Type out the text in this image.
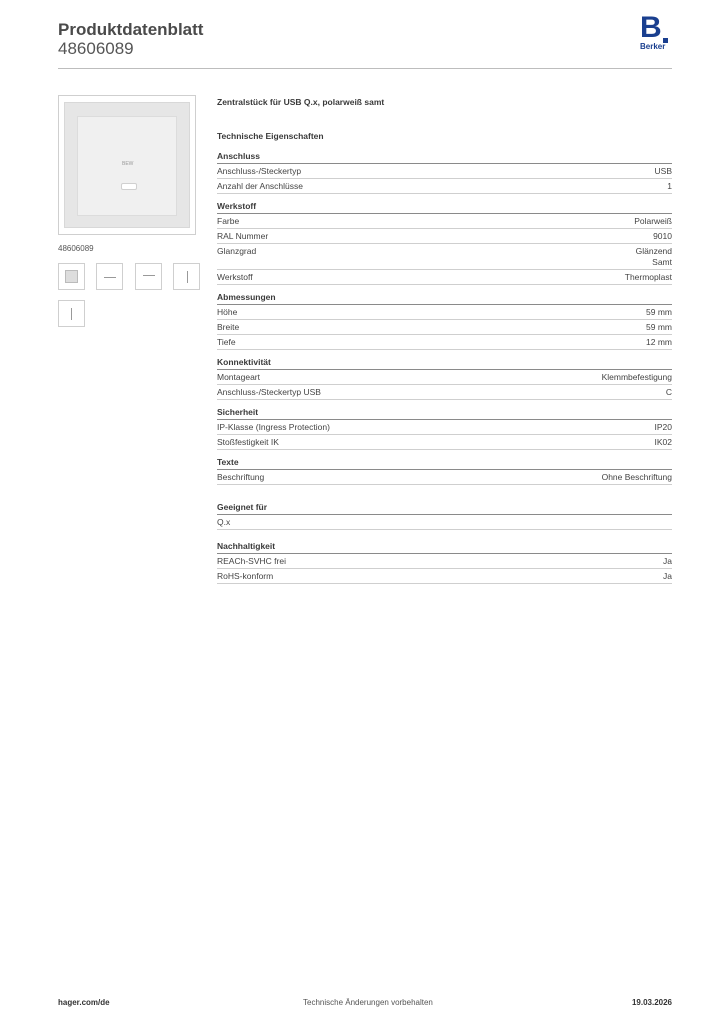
Produktdatenblatt
48606089
B
Berker
BEW
48606089
Zentralstück für USB Q.x, polarweiß samt
Technische Eigenschaften
Anschluss
Anschluss-/Steckertyp	USB
Anzahl der Anschlüsse	1
Werkstoff
Farbe	Polarweiß
RAL Nummer	9010
Glanzgrad	Glänzend
Samt
Werkstoff	Thermoplast
Abmessungen
Höhe	59 mm
Breite	59 mm
Tiefe	12 mm
Konnektivität
Montageart	Klemmbefestigung
Anschluss-/Steckertyp USB	C
Sicherheit
IP-Klasse (Ingress Protection)	IP20
Stoßfestigkeit IK	IK02
Texte
Beschriftung	Ohne Beschriftung
Geeignet für
Q.x
Nachhaltigkeit
REACh-SVHC frei	Ja
RoHS-konform	Ja
hager.com/de	Technische Änderungen vorbehalten	19.03.2026
